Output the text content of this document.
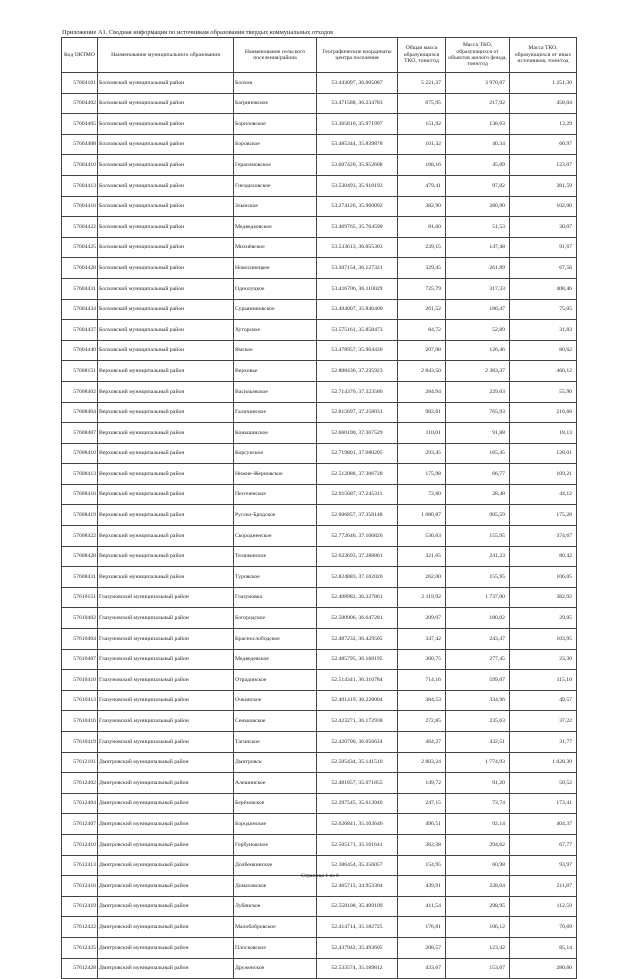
Приложение А1. Сводная информация по источникам образования твердых коммунальных отходов
Код ОКТМО	Наименование муниципального образования	Наименование сельского поселения/района	Географические координаты центра поселения	Общая масса образующихся ТКО, тонн/год	Масса ТКО, образующихся от объектов жилого фонда, тонн/год	Масса ТКО, образующихся от иных источников, тонн/год
57604101	Болховский муниципальный район	Болхов	53.443097, 36.005087	5 221,37	3 970,07	1 251,30
57604402	Болховский муниципальный район	Багриновское	53.471588, 36.234783	675,95	217,92	458,04
57604405	Болховский муниципальный район	Бориловское	53.365810, 35.971997	151,92	138,63	13,29
57604408	Болховский муниципальный район	Боровское	53.485344, 35.839878	101,32	40,34	60,97
57604410	Болховский муниципальный район	Герасимовское	53.607426, 35.952608	168,16	45,09	123,07
57604413	Болховский муниципальный район	Гнездиловское	53.530493, 35.918193	479,41	97,82	381,59
57604416	Болховский муниципальный район	Злынское	53.274126, 35.960092	382,90	280,90	102,00
57604422	Болховский муниципальный район	Медведковское	53.469765, 35.764590	81,60	51,53	30,07
57604425	Болховский муниципальный район	Михнёвское	53.533613, 36.055303	239,15	147,48	91,67
57604428	Болховский муниципальный район	Новосинецкое	53.307154, 36.127321	329,45	261,89	67,56
57604431	Болховский муниципальный район	Однолуцкое	53.416706, 36.110029	725,79	317,33	408,46
57604434	Болховский муниципальный район	Сурьяниновское	53.404007, 35.846400	261,52	186,47	75,05
57604437	Болховский муниципальный район	Хуторское	53.575161, 35.858473	84,72	52,89	31,83
57604440	Болховский муниципальный район	Ямское	53.478957, 35.964430	207,08	126,46	80,62
57608151	Верховский муниципальный район	Верховье	52.808436, 37.235923	2 843,50	2 383,37	460,12
57608402	Верховский муниципальный район	Васильевское	52.714376, 37.323580	284,94	229,03	55,90
57608404	Верховский муниципальный район	Галичинское	52.815697, 37.258031	982,61	765,93	216,68
57608407	Верховский муниципальный район	Коньшинское	52.660190, 37.367529	110,01	91,88	18,13
57608410	Верховский муниципальный район	Корсунское	52.719801, 37.080205	293,45	165,45	128,01
57608413	Верховский муниципальный район	Нижне-Жерновское	52.512088, 37.306728	175,98	66,77	109,21
57608416	Верховский муниципальный район	Песоченское	52.915687, 37.245311	72,60	28,48	44,12
57608419	Верховский муниципальный район	Русско-Бродское	52.606857, 37.358148	1 080,87	905,59	175,28
57608422	Верховский муниципальный район	Скородненское	52.772646, 37.106826	530,63	155,95	374,67
57608428	Верховский муниципальный район	Теляженское	52.623693, 37.288861	321,65	241,23	80,42
57608431	Верховский муниципальный район	Туровское	52.824883, 37.102020	262,00	155,95	106,05
57610151	Глазуновский муниципальный район	Глазуновка	52.408982, 36.327861	2 119,92	1 737,00	382,92
57610402	Глазуновский муниципальный район	Богородское	52.500906, 36.647281	209,07	180,02	29,05
57610404	Глазуновский муниципальный район	Краснослободское	52.487232, 36.429505	347,42	243,47	103,95
57610407	Глазуновский муниципальный район	Медведевское	52.485795, 36.168195	300,75	277,45	23,30
57610410	Глазуновский муниципальный район	Отрадинское	52.514341, 36.310784	714,16	599,07	115,10
57610413	Глазуновский муниципальный район	Очкинское	52.401419, 36.228004	384,53	334,96	49,57
57610416	Глазуновский муниципальный район	Сеньковское	52.423271, 36.172938	272,85	235,63	37,22
57610419	Глазуновский муниципальный район	Тагинское	52.420700, 36.056624	464,27	432,51	31,77
57612101	Дмитровский муниципальный район	Дмитровск	52.505434, 35.141510	2 803,24	1 774,93	1 028,30
57612402	Дмитровский муниципальный район	Алешинское	52.481857, 35.071855	149,72	91,20	58,52
57612404	Дмитровский муниципальный район	Берёзовское	52.397545, 35.013940	247,15	73,74	173,41
57612407	Дмитровский муниципальный район	Бородинское	52.626841, 35.103646	496,51	92,14	404,37
57612410	Дмитровский муниципальный район	Горбуновское	52.505171, 35.161641	362,38	294,62	67,77
57612413	Дмитровский муниципальный район	Долбенкинское	52.386454, 35.356057	154,95	60,98	93,97
57612416	Дмитровский муниципальный район	Домаховское	52.465713, 34.953304	439,91	228,04	211,87
57612419	Дмитровский муниципальный район	Лубянское	52.558108, 35.409109	411,54	298,95	112,59
57612422	Дмитровский муниципальный район	Малобобровское	52.414714, 35.182725	176,81	106,12	70,69
57612425	Дмитровский муниципальный район	Плосковское	52.437942, 35.493605	208,57	123,42	85,14
57612428	Дмитровский муниципальный район	Друженское	52.533574, 35.189812	433,67	153,07	280,60
Страница 1 из 6
